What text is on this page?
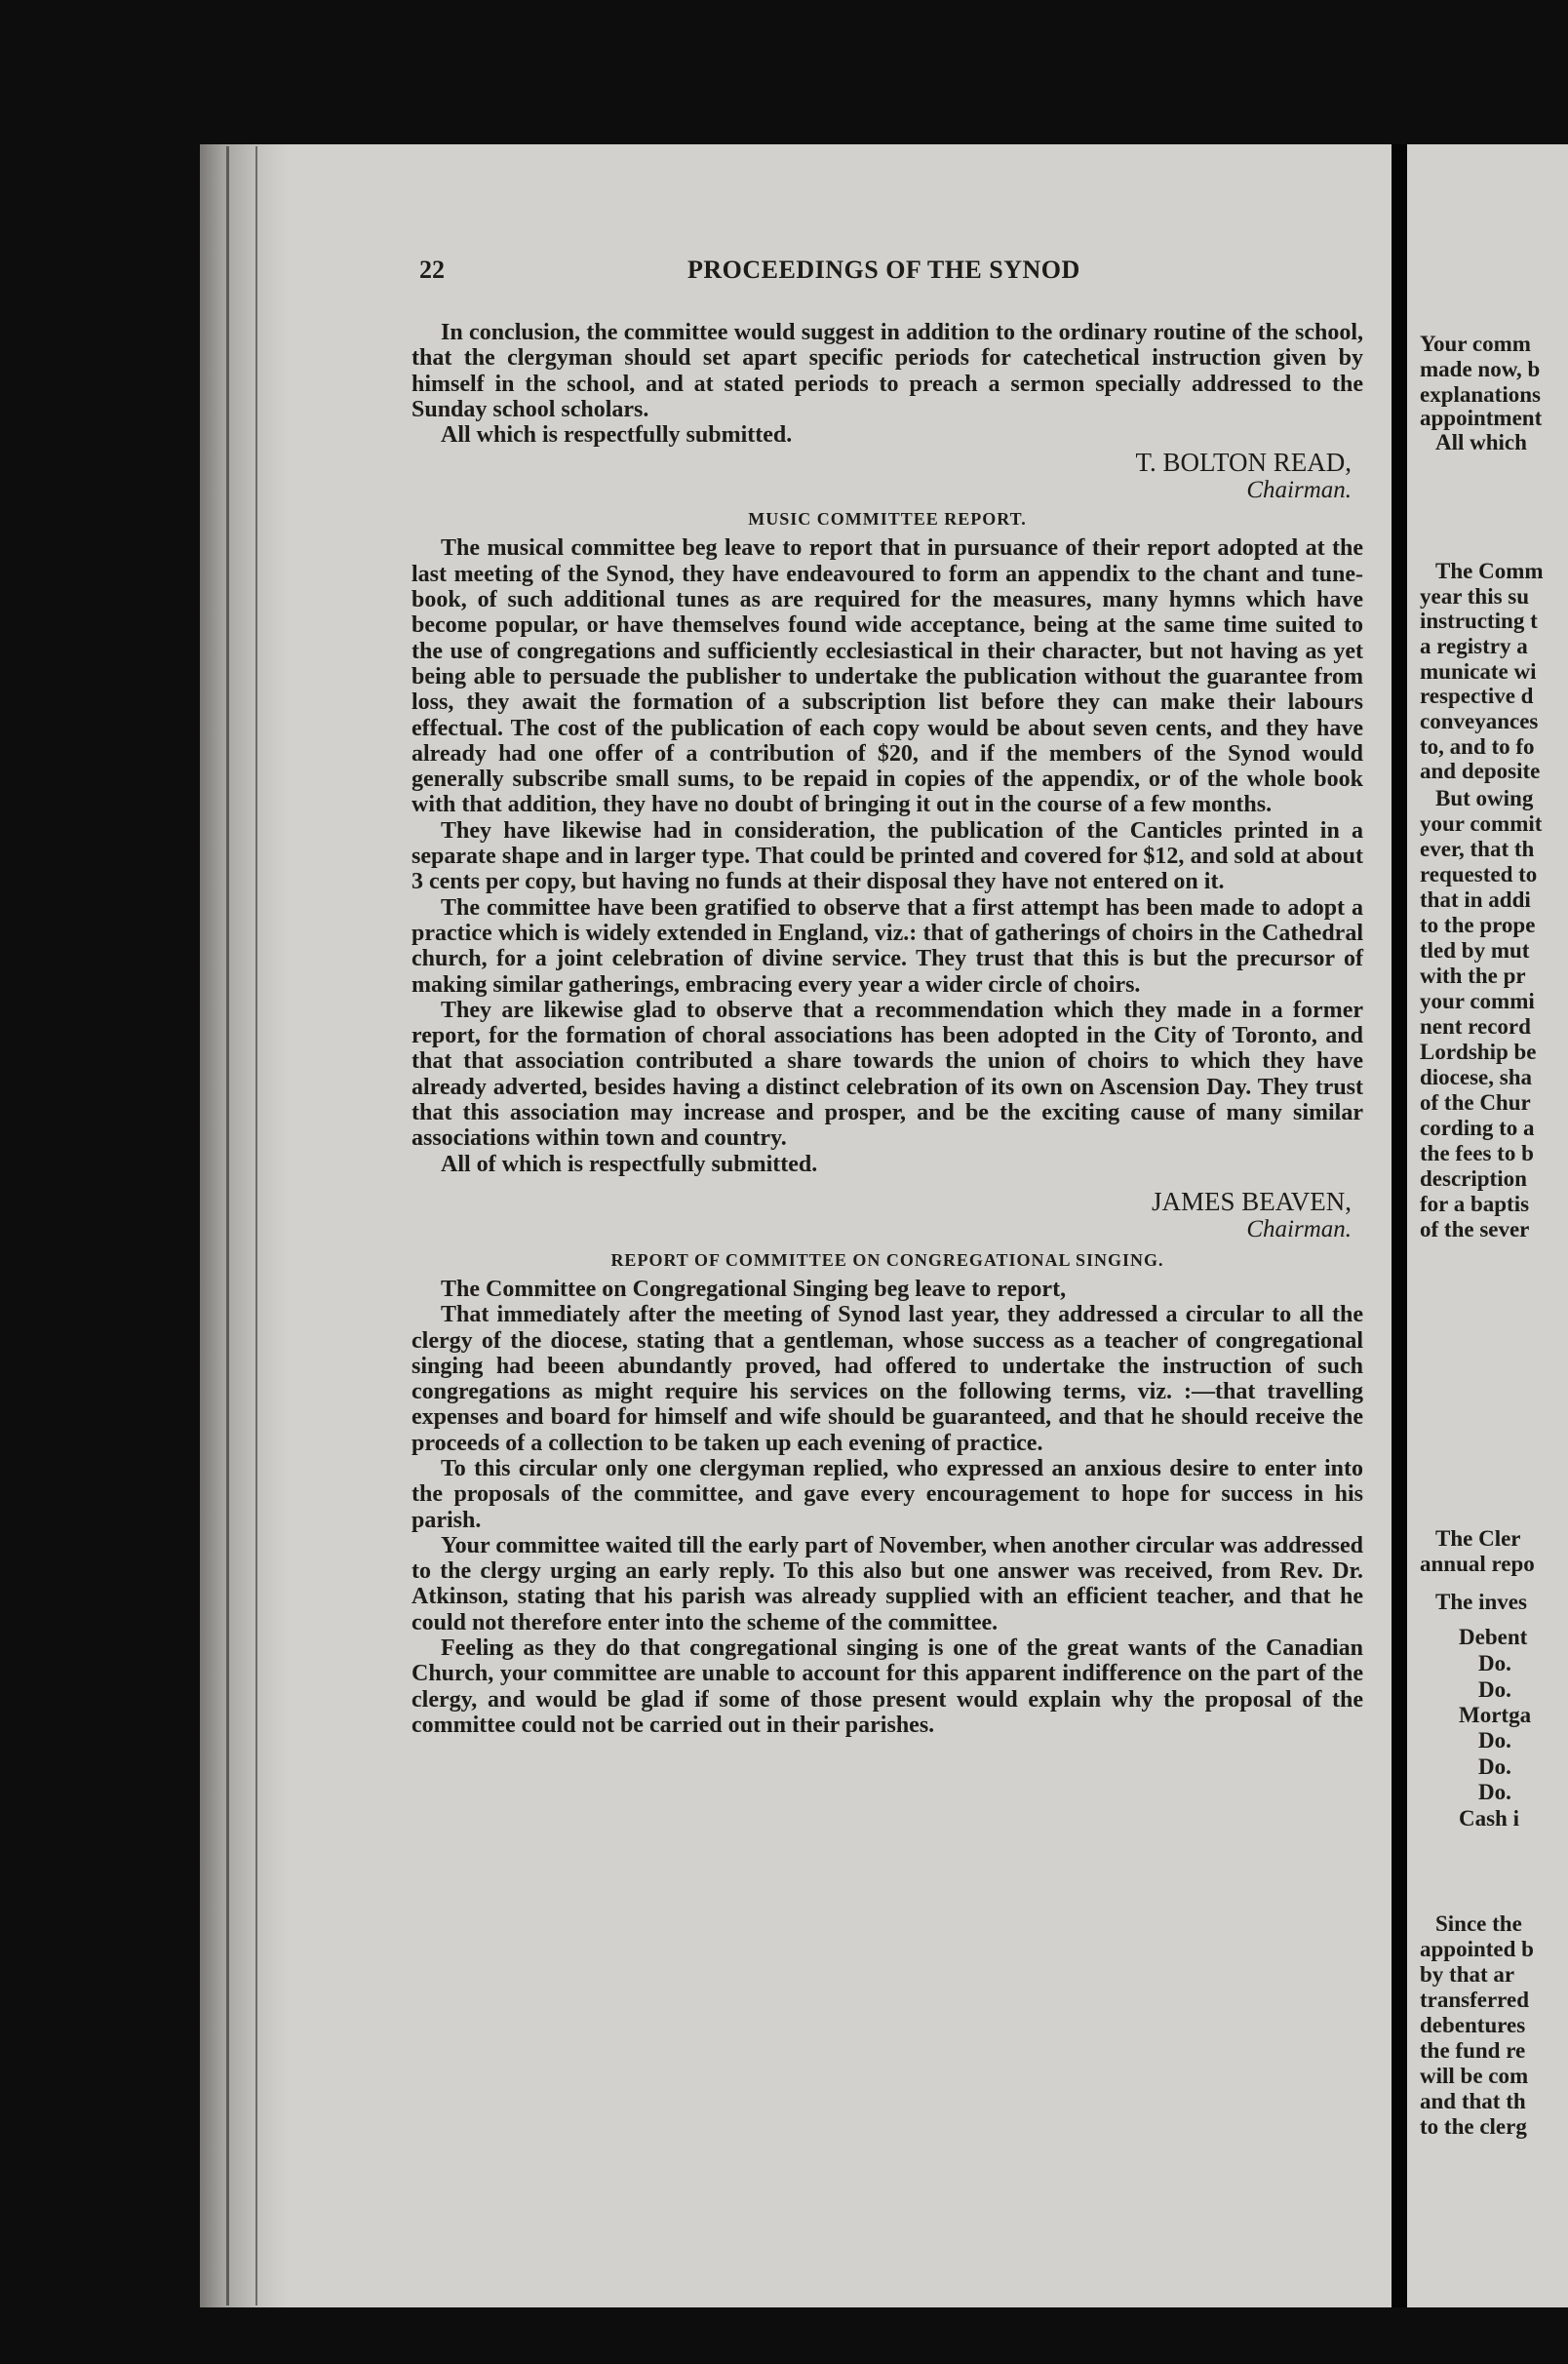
Your comm
made now, b
explanations
appointment
All which
The Comm
year this su
instructing t
a registry a
municate wi
respective d
conveyances
to, and to fo
and deposite
But owing
your commit
ever, that th
requested to
that in addi
to the prope
tled by mut
with the pr
your commi
nent record
Lordship be
diocese, sha
of the Chur
cording to a
the fees to b
description
for a baptis
of the sever
The Cler
annual repo
The inves
Debent
Do.
Do.
Mortga
Do.
Do.
Do.
Cash i
Since the
appointed b
by that ar
transferred
debentures
the fund re
will be com
and that th
to the clerg
22	PROCEEDINGS OF THE SYNOD

In conclusion, the committee would suggest in addition to the ordinary routine of the school, that the clergyman should set apart specific periods for catechetical instruction given by himself in the school, and at stated periods to preach a sermon specially addressed to the Sunday school scholars.

All which is respectfully submitted.

T. BOLTON READ,
Chairman.
MUSIC COMMITTEE REPORT.

The musical committee beg leave to report that in pursuance of their report adopted at the last meeting of the Synod, they have endeavoured to form an appendix to the chant and tune-book, of such additional tunes as are required for the measures, many hymns which have become popular, or have themselves found wide acceptance, being at the same time suited to the use of congregations and sufficiently ecclesiastical in their character, but not having as yet being able to persuade the publisher to undertake the publication without the guarantee from loss, they await the formation of a subscription list before they can make their labours effectual. The cost of the publication of each copy would be about seven cents, and they have already had one offer of a contribution of $20, and if the members of the Synod would generally subscribe small sums, to be repaid in copies of the appendix, or of the whole book with that addition, they have no doubt of bringing it out in the course of a few months.

They have likewise had in consideration, the publication of the Canticles printed in a separate shape and in larger type. That could be printed and covered for $12, and sold at about 3 cents per copy, but having no funds at their disposal they have not entered on it.

The committee have been gratified to observe that a first attempt has been made to adopt a practice which is widely extended in England, viz.: that of gatherings of choirs in the Cathedral church, for a joint celebration of divine service. They trust that this is but the precursor of making similar gatherings, embracing every year a wider circle of choirs.

They are likewise glad to observe that a recommendation which they made in a former report, for the formation of choral associations has been adopted in the City of Toronto, and that that association contributed a share towards the union of choirs to which they have already adverted, besides having a distinct celebration of its own on Ascension Day. They trust that this association may increase and prosper, and be the exciting cause of many similar associations within town and country.

All of which is respectfully submitted.

JAMES BEAVEN,
Chairman.
REPORT OF COMMITTEE ON CONGREGATIONAL SINGING.

The Committee on Congregational Singing beg leave to report,

That immediately after the meeting of Synod last year, they addressed a circular to all the clergy of the diocese, stating that a gentleman, whose success as a teacher of congregational singing had beeen abundantly proved, had offered to undertake the instruction of such congregations as might require his services on the following terms, viz. :—that travelling expenses and board for himself and wife should be guaranteed, and that he should receive the proceeds of a collection to be taken up each evening of practice.

To this circular only one clergyman replied, who expressed an anxious desire to enter into the proposals of the committee, and gave every encouragement to hope for success in his parish.

Your committee waited till the early part of November, when another circular was addressed to the clergy urging an early reply. To this also but one answer was received, from Rev. Dr. Atkinson, stating that his parish was already supplied with an efficient teacher, and that he could not therefore enter into the scheme of the committee.

Feeling as they do that congregational singing is one of the great wants of the Canadian Church, your committee are unable to account for this apparent indifference on the part of the clergy, and would be glad if some of those present would explain why the proposal of the committee could not be carried out in their parishes.
